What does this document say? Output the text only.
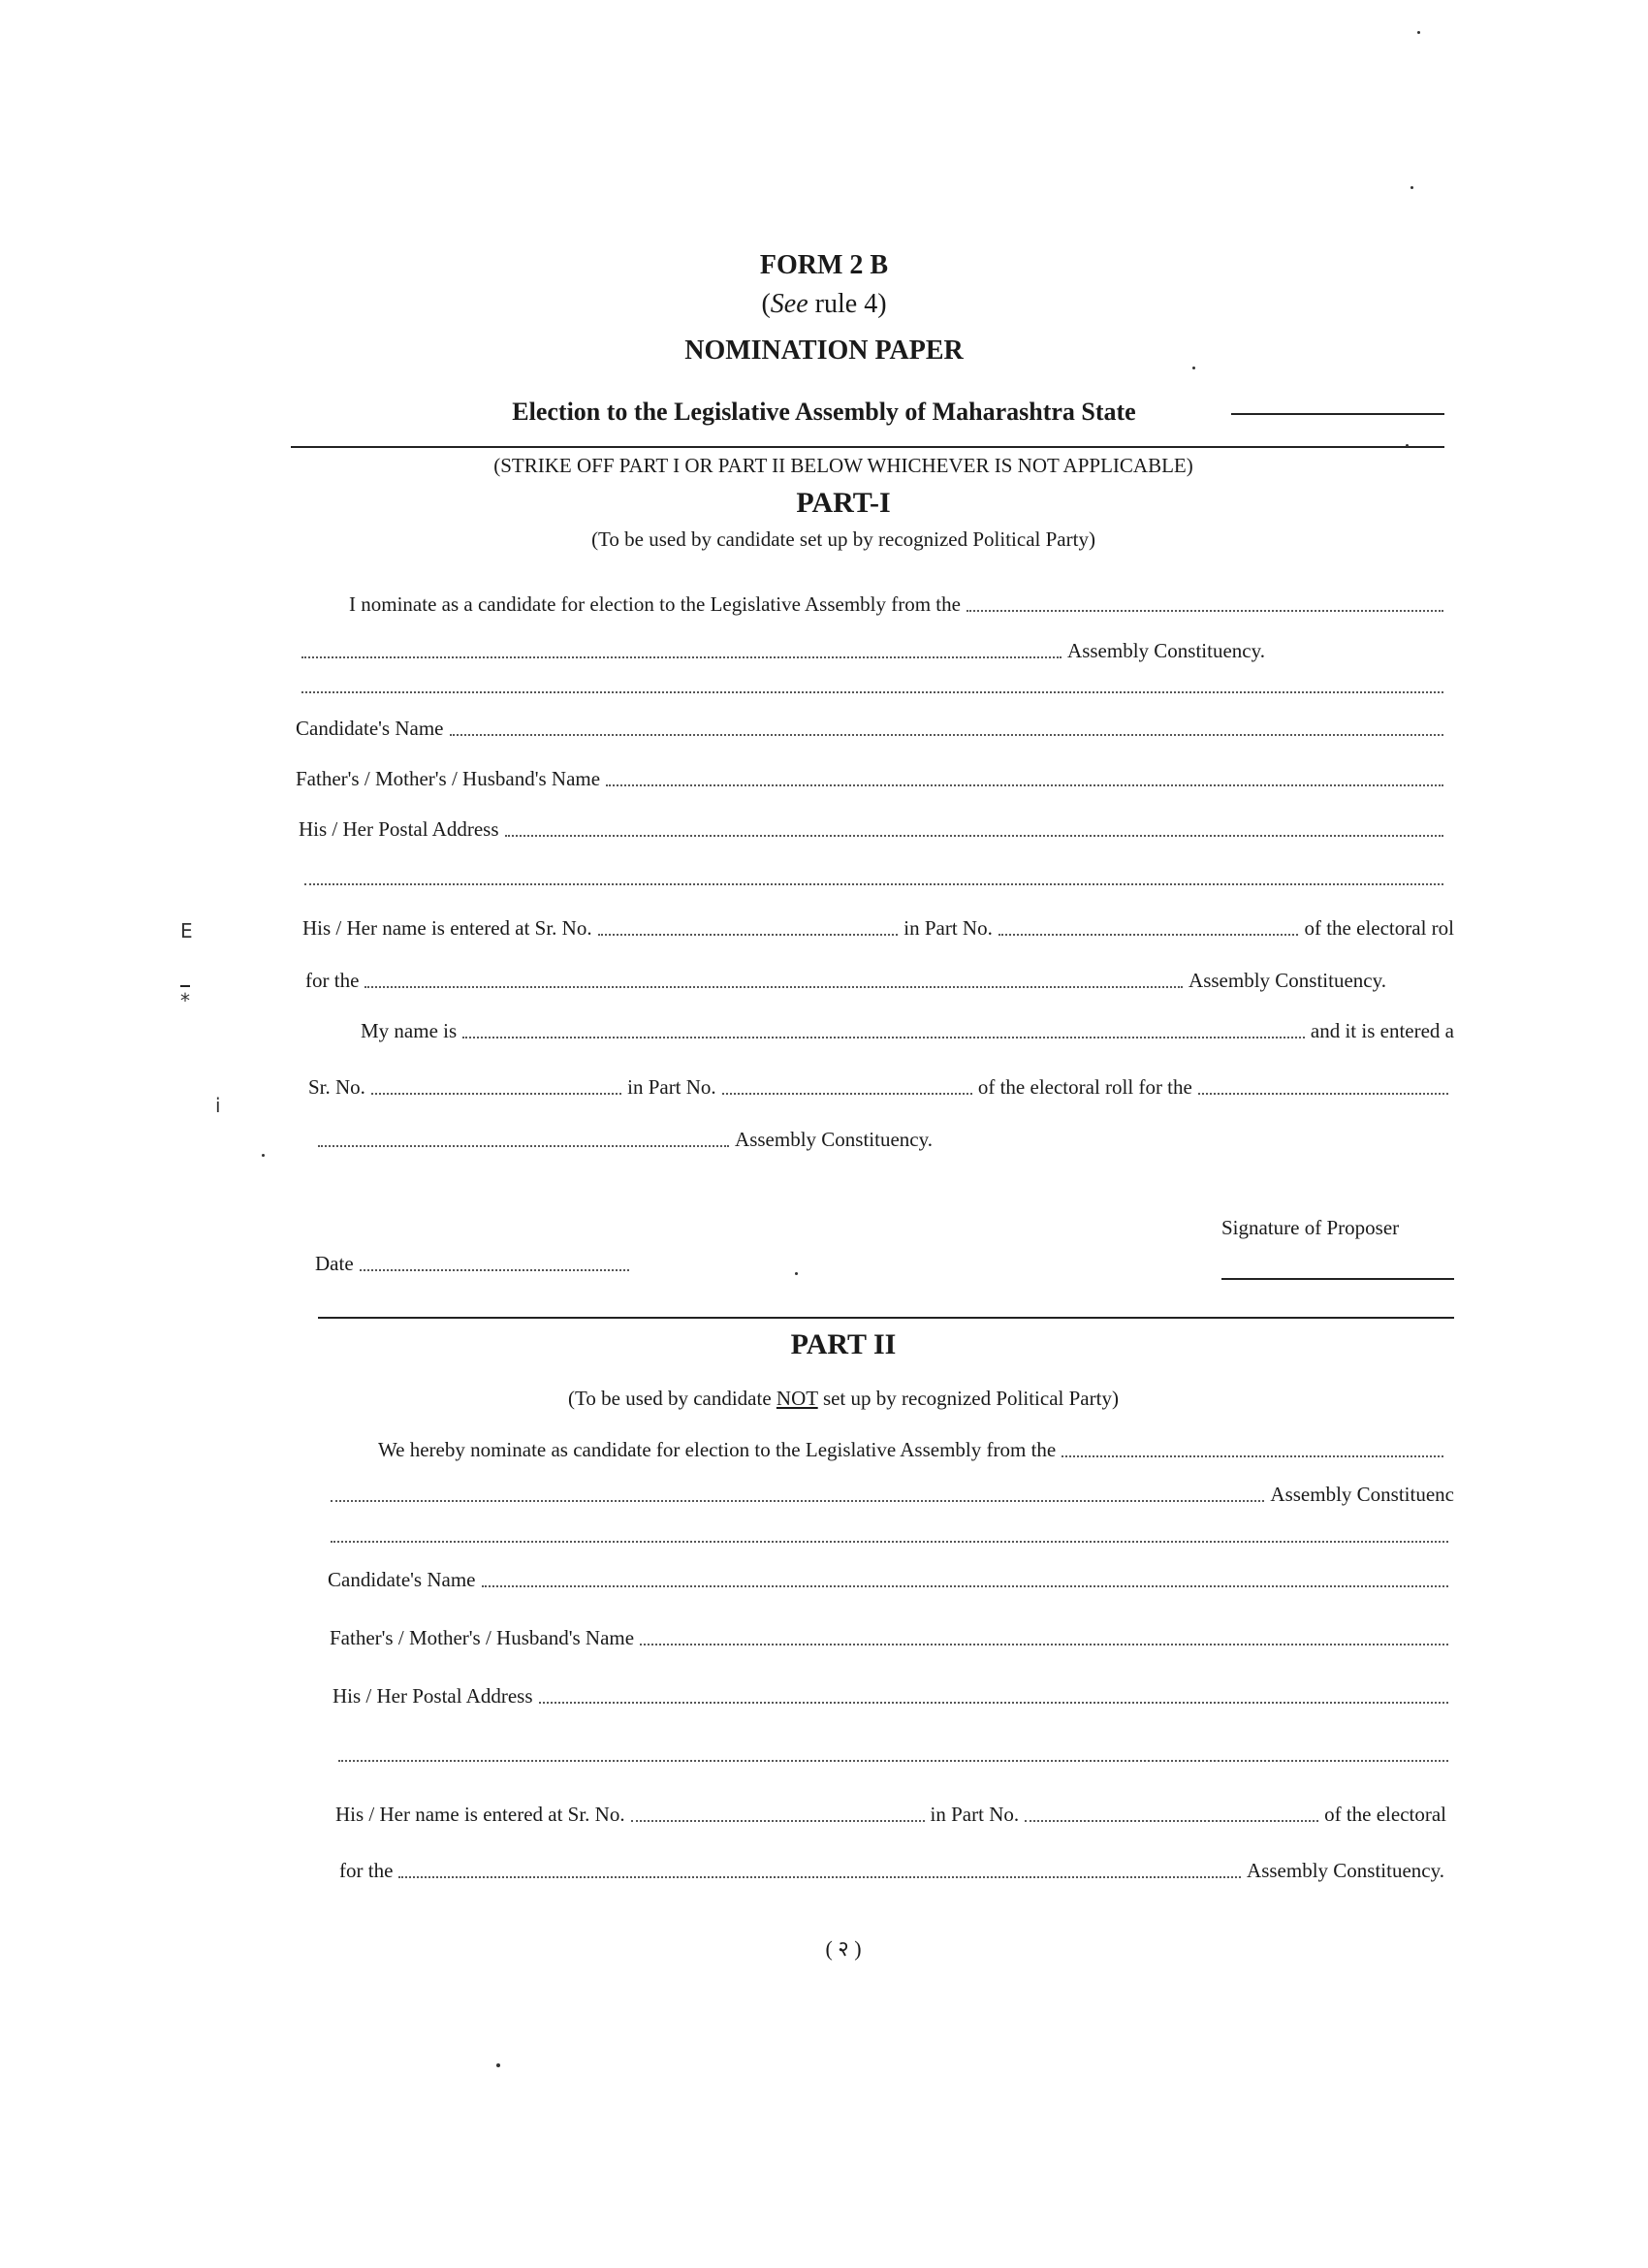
FORM 2 B
(See rule 4)
NOMINATION PAPER
Election to the Legislative Assembly of Maharashtra State
(STRIKE OFF PART I OR PART II BELOW WHICHEVER IS NOT APPLICABLE)
PART-I
(To be used by candidate set up by recognized Political Party)
I nominate as a candidate for election to the Legislative Assembly from the
Assembly Constituency.
Candidate's Name
Father's / Mother's / Husband's Name
His / Her Postal Address
His / Her name is entered at Sr. No.	in Part No.	of the electoral rol
for the	Assembly Constituency.
My name is	and it is entered a
Sr. No.	in Part No.	of the electoral roll for the
Assembly Constituency.
Signature of Proposer
Date
PART II
(To be used by candidate NOT set up by recognized Political Party)
We hereby nominate as candidate for election to the Legislative Assembly from the
Assembly Constituenc
Candidate's Name
Father's / Mother's / Husband's Name
His / Her Postal Address
His / Her name is entered at Sr. No.	in Part No.	of the electoral
for the	Assembly Constituency.
( २ )
E
*
i
